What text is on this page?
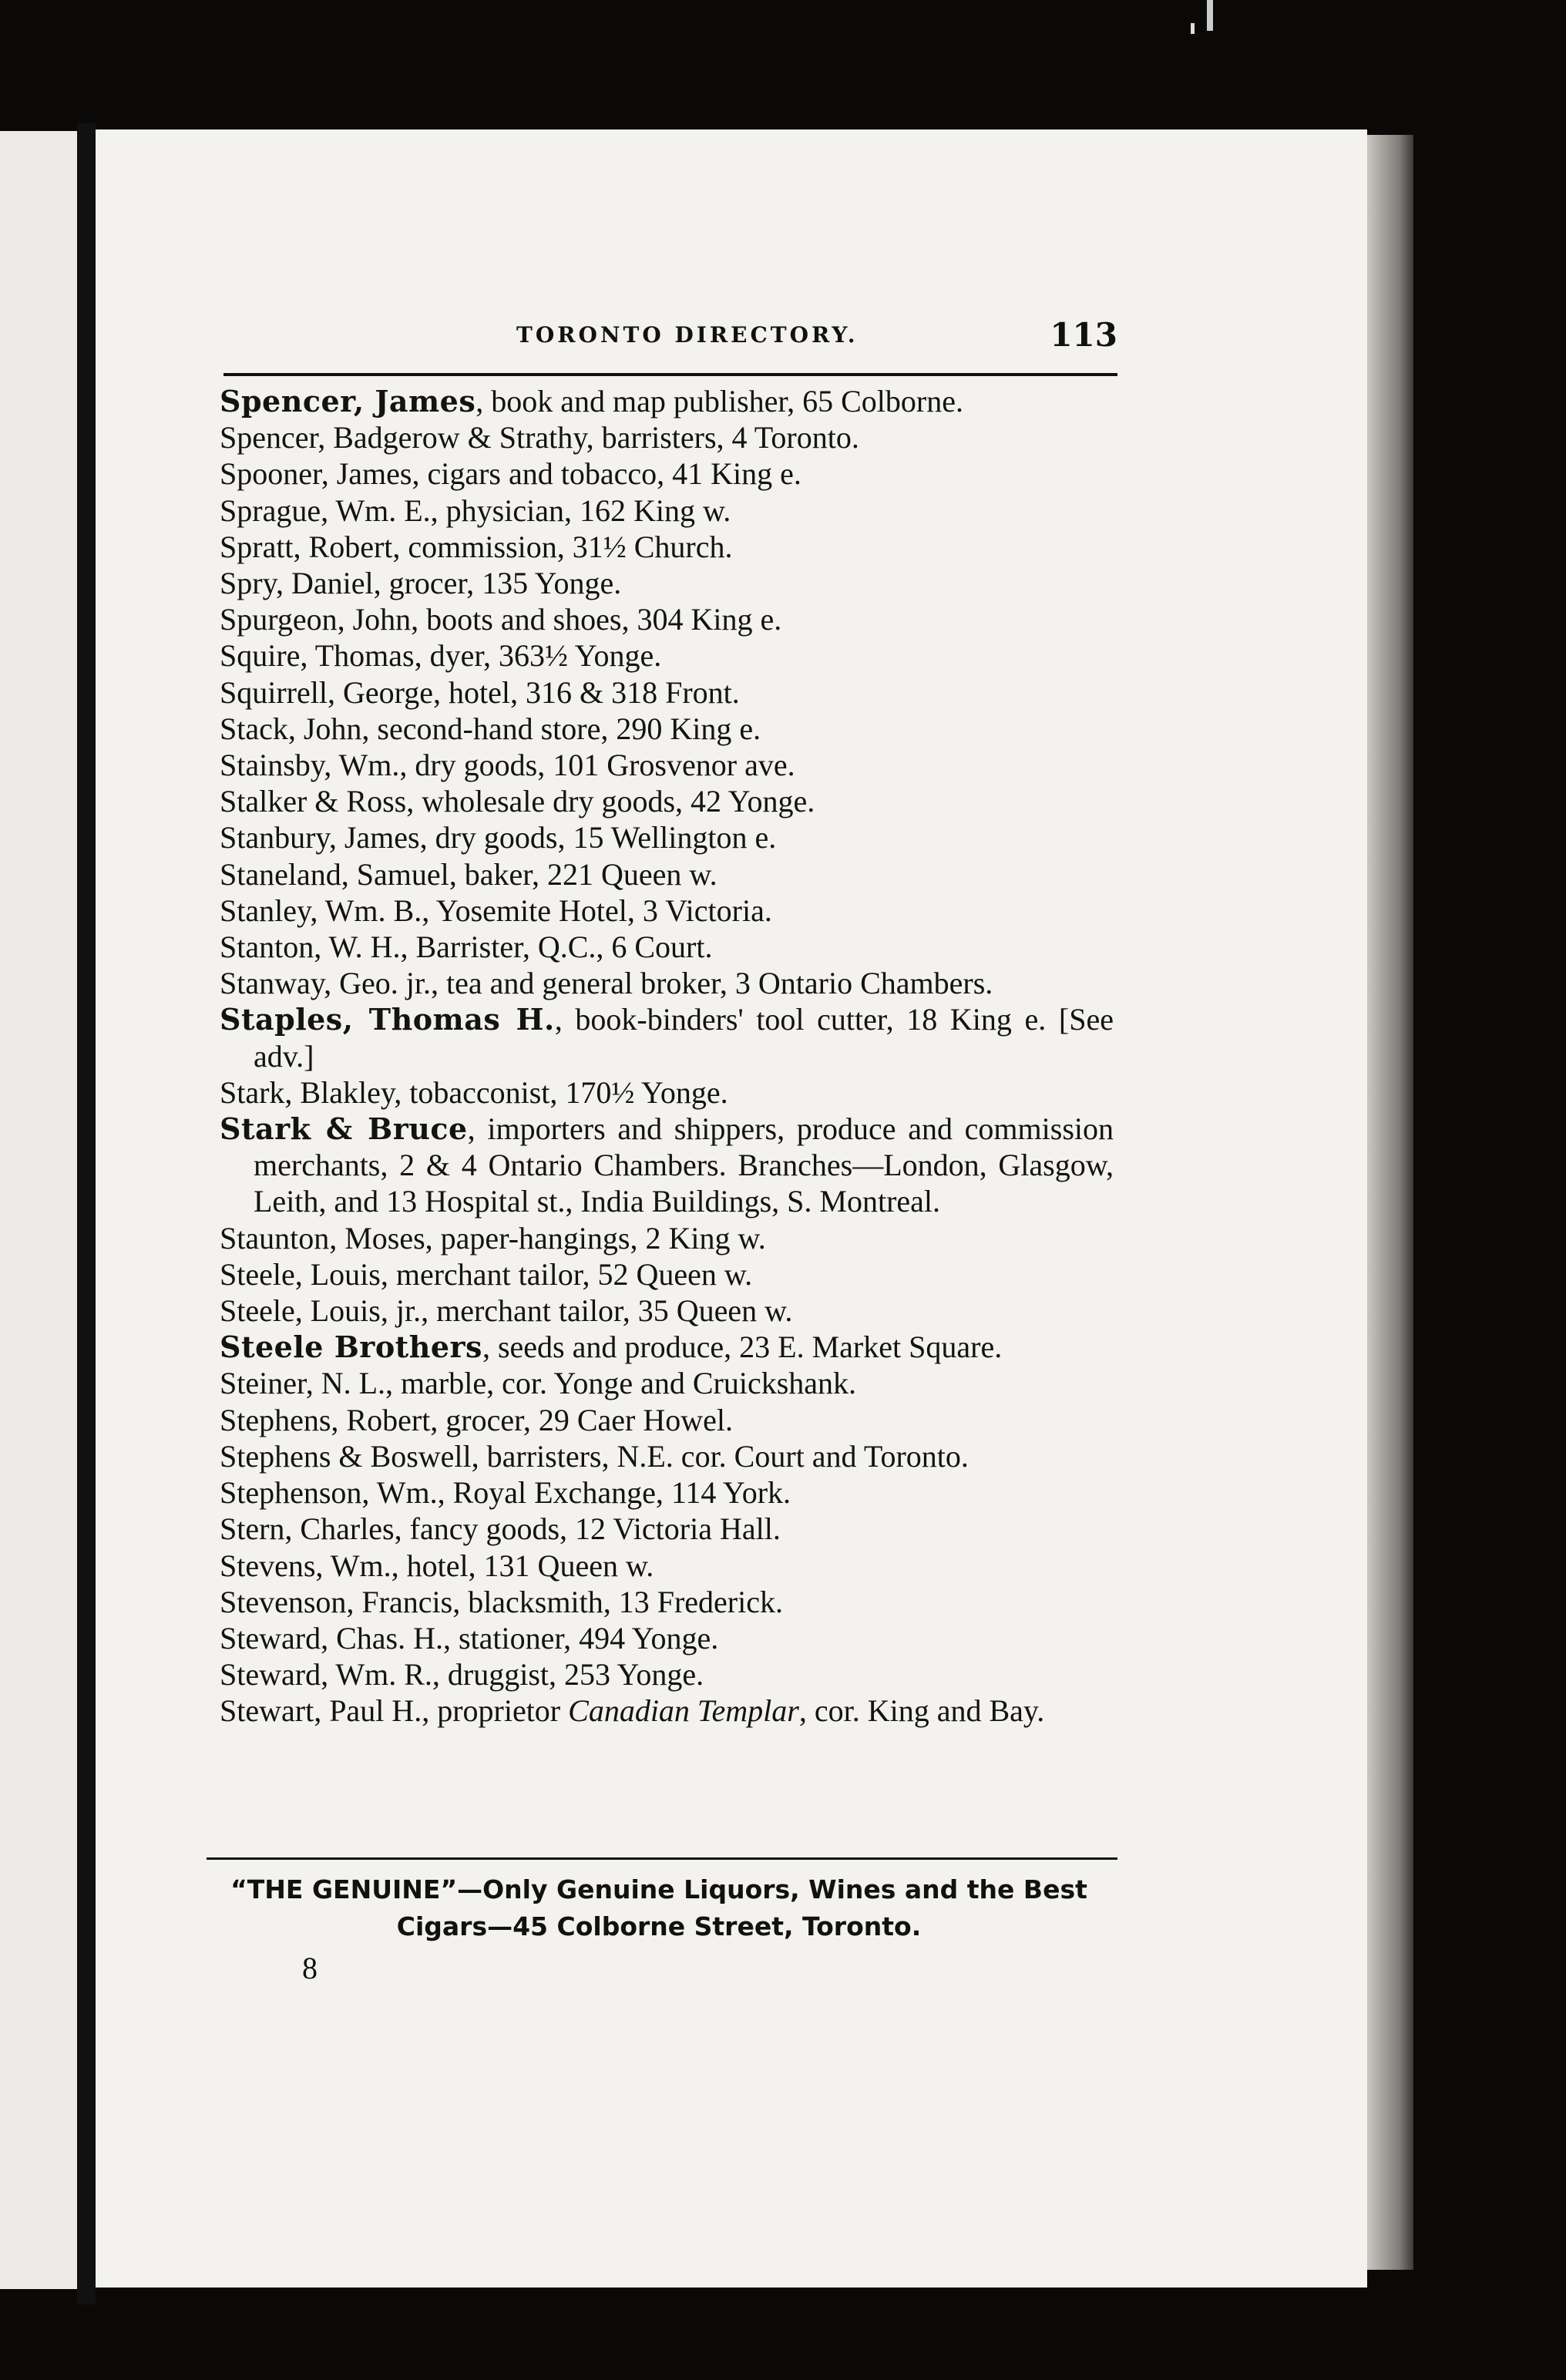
TORONTO DIRECTORY.	113
Spencer, James, book and map publisher, 65 Colborne.
Spencer, Badgerow & Strathy, barristers, 4 Toronto.
Spooner, James, cigars and tobacco, 41 King e.
Sprague, Wm. E., physician, 162 King w.
Spratt, Robert, commission, 31½ Church.
Spry, Daniel, grocer, 135 Yonge.
Spurgeon, John, boots and shoes, 304 King e.
Squire, Thomas, dyer, 363½ Yonge.
Squirrell, George, hotel, 316 & 318 Front.
Stack, John, second-hand store, 290 King e.
Stainsby, Wm., dry goods, 101 Grosvenor ave.
Stalker & Ross, wholesale dry goods, 42 Yonge.
Stanbury, James, dry goods, 15 Wellington e.
Staneland, Samuel, baker, 221 Queen w.
Stanley, Wm. B., Yosemite Hotel, 3 Victoria.
Stanton, W. H., Barrister, Q.C., 6 Court.
Stanway, Geo. jr., tea and general broker, 3 Ontario Chambers.
Staples, Thomas H., book-binders' tool cutter, 18 King e. [See adv.]
Stark, Blakley, tobacconist, 170½ Yonge.
Stark & Bruce, importers and shippers, produce and commission merchants, 2 & 4 Ontario Chambers. Branches—London, Glasgow, Leith, and 13 Hospital st., India Buildings, S. Montreal.
Staunton, Moses, paper-hangings, 2 King w.
Steele, Louis, merchant tailor, 52 Queen w.
Steele, Louis, jr., merchant tailor, 35 Queen w.
Steele Brothers, seeds and produce, 23 E. Market Square.
Steiner, N. L., marble, cor. Yonge and Cruickshank.
Stephens, Robert, grocer, 29 Caer Howel.
Stephens & Boswell, barristers, N.E. cor. Court and Toronto.
Stephenson, Wm., Royal Exchange, 114 York.
Stern, Charles, fancy goods, 12 Victoria Hall.
Stevens, Wm., hotel, 131 Queen w.
Stevenson, Francis, blacksmith, 13 Frederick.
Steward, Chas. H., stationer, 494 Yonge.
Steward, Wm. R., druggist, 253 Yonge.
Stewart, Paul H., proprietor Canadian Templar, cor. King and Bay.
“THE GENUINE”—Only Genuine Liquors, Wines and the Best
Cigars—45 Colborne Street, Toronto.
8
